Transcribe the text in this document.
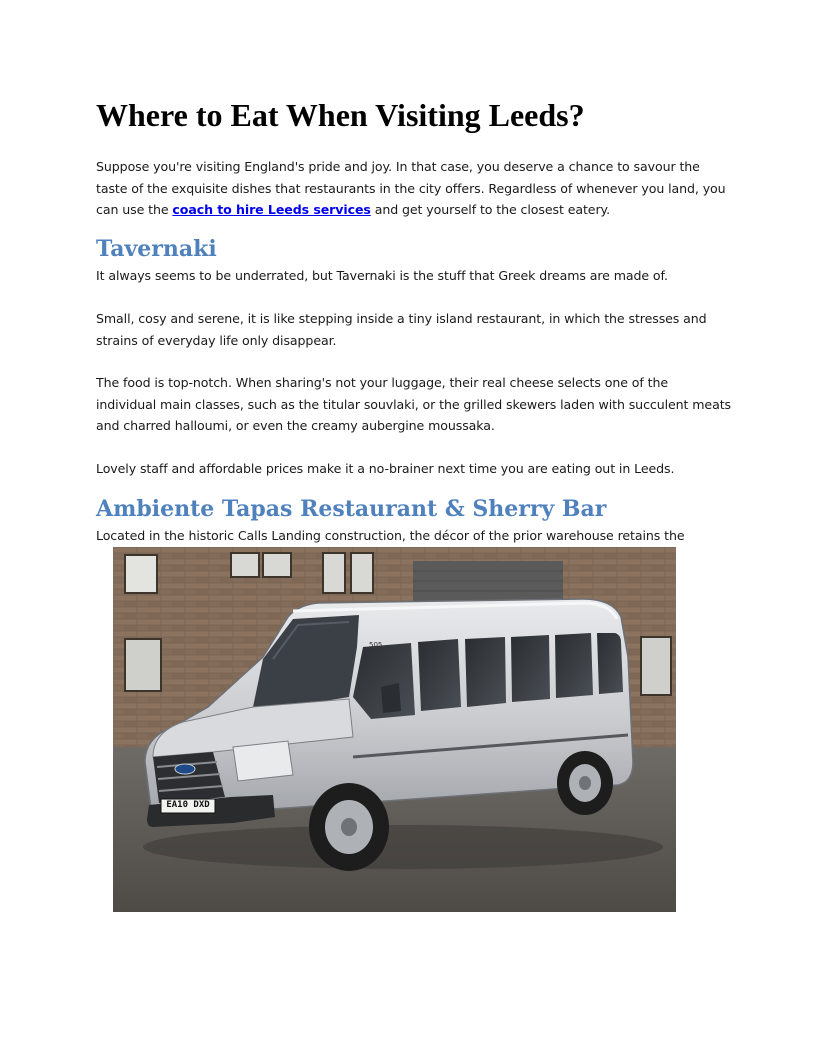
Where to Eat When Visiting Leeds?

Suppose you're visiting England's pride and joy. In that case, you deserve a chance to savour the
taste of the exquisite dishes that restaurants in the city offers. Regardless of whenever you land, you
can use the coach to hire Leeds services and get yourself to the closest eatery.

Tavernaki

It always seems to be underrated, but Tavernaki is the stuff that Greek dreams are made of.

Small, cosy and serene, it is like stepping inside a tiny island restaurant, in which the stresses and
strains of everyday life only disappear.

The food is top-notch. When sharing's not your luggage, their real cheese selects one of the
individual main classes, such as the titular souvlaki, or the grilled skewers laden with succulent meats
and charred halloumi, or even the creamy aubergine moussaka.

Lovely staff and affordable prices make it a no-brainer next time you are eating out in Leeds.

Ambiente Tapas Restaurant & Sherry Bar

Located in the historic Calls Landing construction, the décor of the prior warehouse retains the

EA10 DXD
505
